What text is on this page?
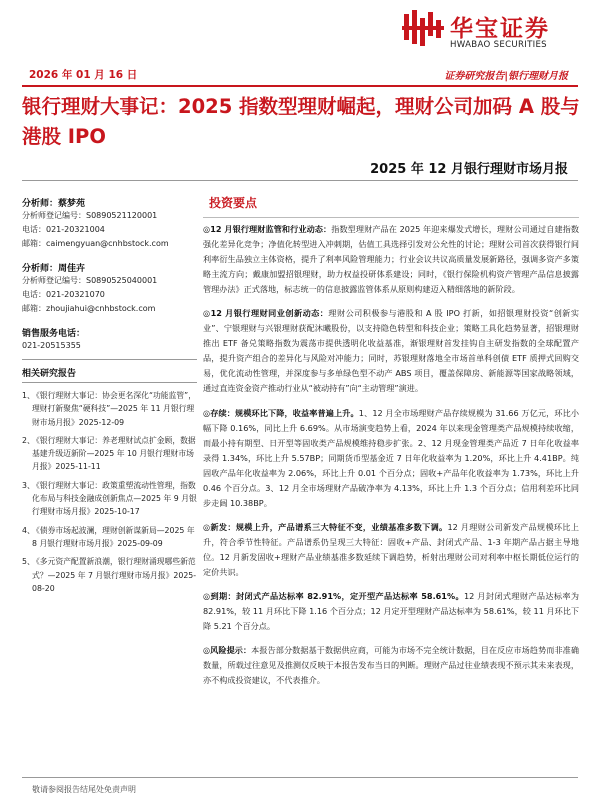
华宝证券
HWABAO SECURITIES
2026 年 01 月 16 日	证券研究报告|银行理财月报
银行理财大事记：2025 指数型理财崛起，理财公司加码 A 股与港股 IPO
2025 年 12 月银行理财市场月报
分析师：蔡梦苑
分析师登记编号：S0890521120001
电话：021-20321004
邮箱：caimengyuan@cnhbstock.com
分析师：周佳卉
分析师登记编号：S0890525040001
电话：021-20321070
邮箱：zhoujiahui@cnhbstock.com
销售服务电话：
021-20515355
相关研究报告
1、
《银行理财大事记：协会更名深化“功能监管”，理财打新聚焦“硬科技”—2025 年 11 月银行理财市场月报》2025-12-09
2、
《银行理财大事记：养老理财试点扩金顾，数据基建升级迈新阶—2025 年 10 月银行理财市场月报》2025-11-11
3、
《银行理财大事记：政策重塑流动性管理，指数化布局与科技金融成创新焦点—2025 年 9 月银行理财市场月报》2025-10-17
4、
《债券市场起波澜，理财创新谋新局—2025 年 8 月银行理财市场月报》2025-09-09
5、
《多元资产配置新浪潮，银行理财涌现哪些新范式？—2025 年 7 月银行理财市场月报》2025-08-20
投资要点

◎12 月银行理财监管和行业动态：指数型理财产品在 2025 年迎来爆发式增长，理财公司通过自建指数强化差异化竞争；净值化转型进入冲刺期，估值工具选择引发对公允性的讨论；理财公司首次获得银行间利率衍生品独立主体资格，提升了利率风险管理能力；行业会议共议高质量发展新路径，强调多资产多策略主流方向；戴康加盟招银理财，助力权益投研体系建设；同时，《银行保险机构资产管理产品信息披露管理办法》正式落地，标志统一的信息披露监管体系从原则构建迈入精细落地的新阶段。

◎12 月银行理财同业创新动态：理财公司积极参与港股和 A 股 IPO 打新，如招银理财投资“创新实业”、宁银理财与兴银理财获配沐曦股份，以支持隐色转型和科技企业；策略工具化趋势显著，招银理财推出 ETF 备兑策略指数为震荡市提供透明化收益基准，渐银理财首发挂钩自主研发指数的全球配置产品，提升资产组合的差异化与风险对冲能力；同时，苏银理财落地全市场首单科创债 ETF 质押式回购交易，优化流动性管理，并深度参与多单绿色型不动产 ABS 项目，覆盖保障房、新能源等国家战略领域，通过直连资金资产推动行业从“被动持有”向“主动管理”演进。

◎存续：规模环比下降，收益率普遍上升。1、12 月全市场理财产品存续规模为 31.66 万亿元，环比小幅下降 0.16%，同比上升 6.69%。从市场演变趋势上看，2024 年以来现金管理类产品规模持续收缩，而最小持有期型、日开型等固收类产品规模维持稳步扩张。2、12 月现金管理类产品近 7 日年化收益率录得 1.34%，环比上升 5.57BP；同期货币型基金近 7 日年化收益率为 1.20%，环比上升 4.41BP。纯固收产品年化收益率为 2.06%，环比上升 0.01 个百分点；固收+产品年化收益率为 1.73%，环比上升 0.46 个百分点。3、12 月全市场理财产品破净率为 4.13%，环比上升 1.3 个百分点；信用利差环比同步走阔 10.38BP。

◎新发：规模上升，产品谱系三大特征不变，业绩基准多数下调。12 月理财公司新发产品规模环比上升，符合季节性特征。产品谱系仍呈现三大特征：固收+产品、封闭式产品、1-3 年期产品占据主导地位。12 月新发固收+理财产品业绩基准多数延续下调趋势，析射出理财公司对利率中枢长期低位运行的定价共识。

◎到期：封闭式产品达标率 82.91%，定开型产品达标率 58.61%。12 月封闭式理财产品达标率为 82.91%，较 11 月环比下降 1.16 个百分点；12 月定开型理财产品达标率为 58.61%，较 11 月环比下降 5.21 个百分点。

◎风险提示：本报告部分数据基于数据供应商，可能为市场不完全统计数据，目在反应市场趋势而非准确数量，所载过往意见及推测仅反映于本报告发布当日的判断。理财产品过往业绩表现不预示其未来表现，亦不构成投资建议，不代表推介。

敬请参阅报告结尾处免责声明
